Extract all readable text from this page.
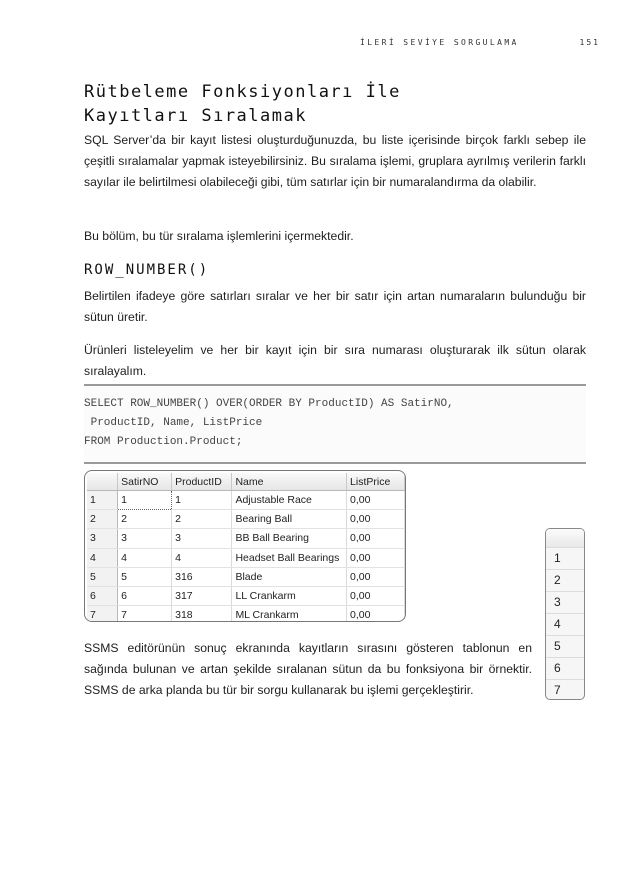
İLERİ SEVİYE SORGULAMA	151
Rütbeleme Fonksiyonları İle
Kayıtları Sıralamak
SQL Server’da bir kayıt listesi oluşturduğunuzda, bu liste içerisinde birçok farklı sebep ile çeşitli sıralamalar yapmak isteyebilirsiniz. Bu sıralama işlemi, gruplara ayrılmış verilerin farklı sayılar ile belirtilmesi olabileceği gibi, tüm satırlar için bir numaralandırma da olabilir.
Bu bölüm, bu tür sıralama işlemlerini içermektedir.
ROW_NUMBER()
Belirtilen ifadeye göre satırları sıralar ve her bir satır için artan numaraların bulunduğu bir sütun üretir.
Ürünleri listeleyelim ve her bir kayıt için bir sıra numarası oluşturarak ilk sütun olarak sıralayalım.
SELECT ROW_NUMBER() OVER(ORDER BY ProductID) AS SatirNO,
ProductID, Name, ListPrice
FROM Production.Product;
	SatirNO	ProductID	Name	ListPrice
1	1	1	Adjustable Race	0,00
2	2	2	Bearing Ball	0,00
3	3	3	BB Ball Bearing	0,00
4	4	4	Headset Ball Bearings	0,00
5	5	316	Blade	0,00
6	6	317	LL Crankarm	0,00
7	7	318	ML Crankarm	0,00
1
2
3
4
5
6
7
SSMS editörünün sonuç ekranında kayıtların sırasını gösteren tablonun en sağında bulunan ve artan şekilde sıralanan sütun da bu fonksiyona bir örnektir. SSMS de arka planda bu tür bir sorgu kullanarak bu işlemi gerçekleştirir.
